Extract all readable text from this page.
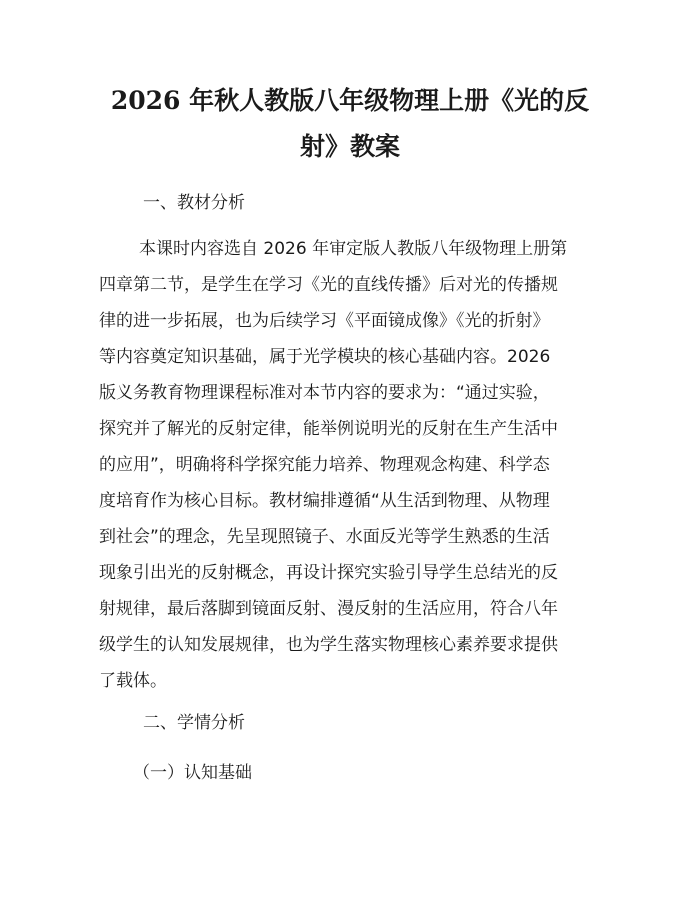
2026 年秋人教版八年级物理上册《光的反
射》教案

一、教材分析

本课时内容选自 2026 年审定版人教版八年级物理上册第

四章第二节，是学生在学习《光的直线传播》后对光的传播规

律的进一步拓展，也为后续学习《平面镜成像》《光的折射》

等内容奠定知识基础，属于光学模块的核心基础内容。2026

版义务教育物理课程标准对本节内容的要求为：“通过实验，

探究并了解光的反射定律，能举例说明光的反射在生产生活中

的应用”，明确将科学探究能力培养、物理观念构建、科学态

度培育作为核心目标。教材编排遵循“从生活到物理、从物理

到社会”的理念，先呈现照镜子、水面反光等学生熟悉的生活

现象引出光的反射概念，再设计探究实验引导学生总结光的反

射规律，最后落脚到镜面反射、漫反射的生活应用，符合八年

级学生的认知发展规律，也为学生落实物理核心素养要求提供

了载体。

二、学情分析

（一）认知基础
